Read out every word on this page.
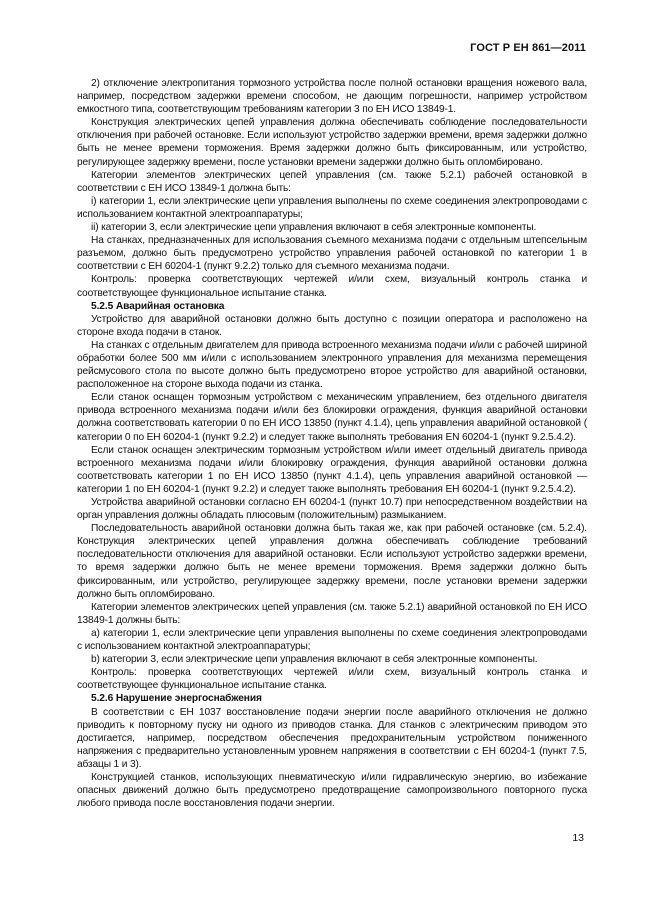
ГОСТ Р ЕН 861—2011

2) отключение электропитания тормозного устройства после полной остановки вращения ножевого вала, например, посредством задержки времени способом, не дающим погрешности, например устройством емкостного типа, соответствующим требованиям категории 3 по ЕН ИСО 13849-1.

Конструкция электрических цепей управления должна обеспечивать соблюдение последовательности отключения при рабочей остановке. Если используют устройство задержки времени, время задержки должно быть не менее времени торможения. Время задержки должно быть фиксированным, или устройство, регулирующее задержку времени, после установки времени задержки должно быть опломбировано.

Категории элементов электрических цепей управления (см. также 5.2.1) рабочей остановкой в соответствии с ЕН ИСО 13849-1 должна быть:

i) категории 1, если электрические цепи управления выполнены по схеме соединения электропроводами с использованием контактной электроаппаратуры;

ii) категории 3, если электрические цепи управления включают в себя электронные компоненты.

На станках, предназначенных для использования съемного механизма подачи с отдельным штепсельным разъемом, должно быть предусмотрено устройство управления рабочей остановкой по категории 1 в соответствии с ЕН 60204-1 (пункт 9.2.2) только для съемного механизма подачи.

Контроль: проверка соответствующих чертежей и/или схем, визуальный контроль станка и соответствующее функциональное испытание станка.

5.2.5 Аварийная остановка

Устройство для аварийной остановки должно быть доступно с позиции оператора и расположено на стороне входа подачи в станок.

На станках с отдельным двигателем для привода встроенного механизма подачи и/или с рабочей шириной обработки более 500 мм и/или с использованием электронного управления для механизма перемещения рейсмусового стола по высоте должно быть предусмотрено второе устройство для аварийной остановки, расположенное на стороне выхода подачи из станка.

Если станок оснащен тормозным устройством с механическим управлением, без отдельного двигателя привода встроенного механизма подачи и/или без блокировки ограждения, функция аварийной остановки должна соответствовать категории 0 по ЕН ИСО 13850 (пункт 4.1.4), цепь управления аварийной остановкой ( категории 0 по ЕН 60204-1 (пункт 9.2.2) и следует также выполнять требования EN 60204-1 (пункт 9.2.5.4.2).

Если станок оснащен электрическим тормозным устройством и/или имеет отдельный двигатель привода встроенного механизма подачи и/или блокировку ограждения, функция аварийной остановки должна соответствовать категории 1 по ЕН ИСО 13850 (пункт 4.1.4), цепь управления аварийной остановкой — категории 1 по ЕН 60204-1 (пункт 9.2.2) и следует также выполнять требования ЕН 60204-1 (пункт 9.2.5.4.2).

Устройства аварийной остановки согласно ЕН 60204-1 (пункт 10.7) при непосредственном воздействии на орган управления должны обладать плюсовым (положительным) размыканием.

Последовательность аварийной остановки должна быть такая же, как при рабочей остановке (см. 5.2.4). Конструкция электрических цепей управления должна обеспечивать соблюдение требований последовательности отключения для аварийной остановки. Если используют устройство задержки времени, то время задержки должно быть не менее времени торможения. Время задержки должно быть фиксированным, или устройство, регулирующее задержку времени, после установки времени задержки должно быть опломбировано.

Категории элементов электрических цепей управления (см. также 5.2.1) аварийной остановкой по ЕН ИСО 13849-1 должны быть:

a) категории 1, если электрические цепи управления выполнены по схеме соединения электропроводами с использованием контактной электроаппаратуры;

b) категории 3, если электрические цепи управления включают в себя электронные компоненты.

Контроль: проверка соответствующих чертежей и/или схем, визуальный контроль станка и соответствующее функциональное испытание станка.

5.2.6 Нарушение энергоснабжения

В соответствии с ЕН 1037 восстановление подачи энергии после аварийного отключения не должно приводить к повторному пуску ни одного из приводов станка. Для станков с электрическим приводом это достигается, например, посредством обеспечения предохранительным устройством пониженного напряжения с предварительно установленным уровнем напряжения в соответствии с ЕН 60204-1 (пункт 7.5, абзацы 1 и 3).

Конструкцией станков, использующих пневматическую и/или гидравлическую энергию, во избежание опасных движений должно быть предусмотрено предотвращение самопроизвольного повторного пуска любого привода после восстановления подачи энергии.

13
